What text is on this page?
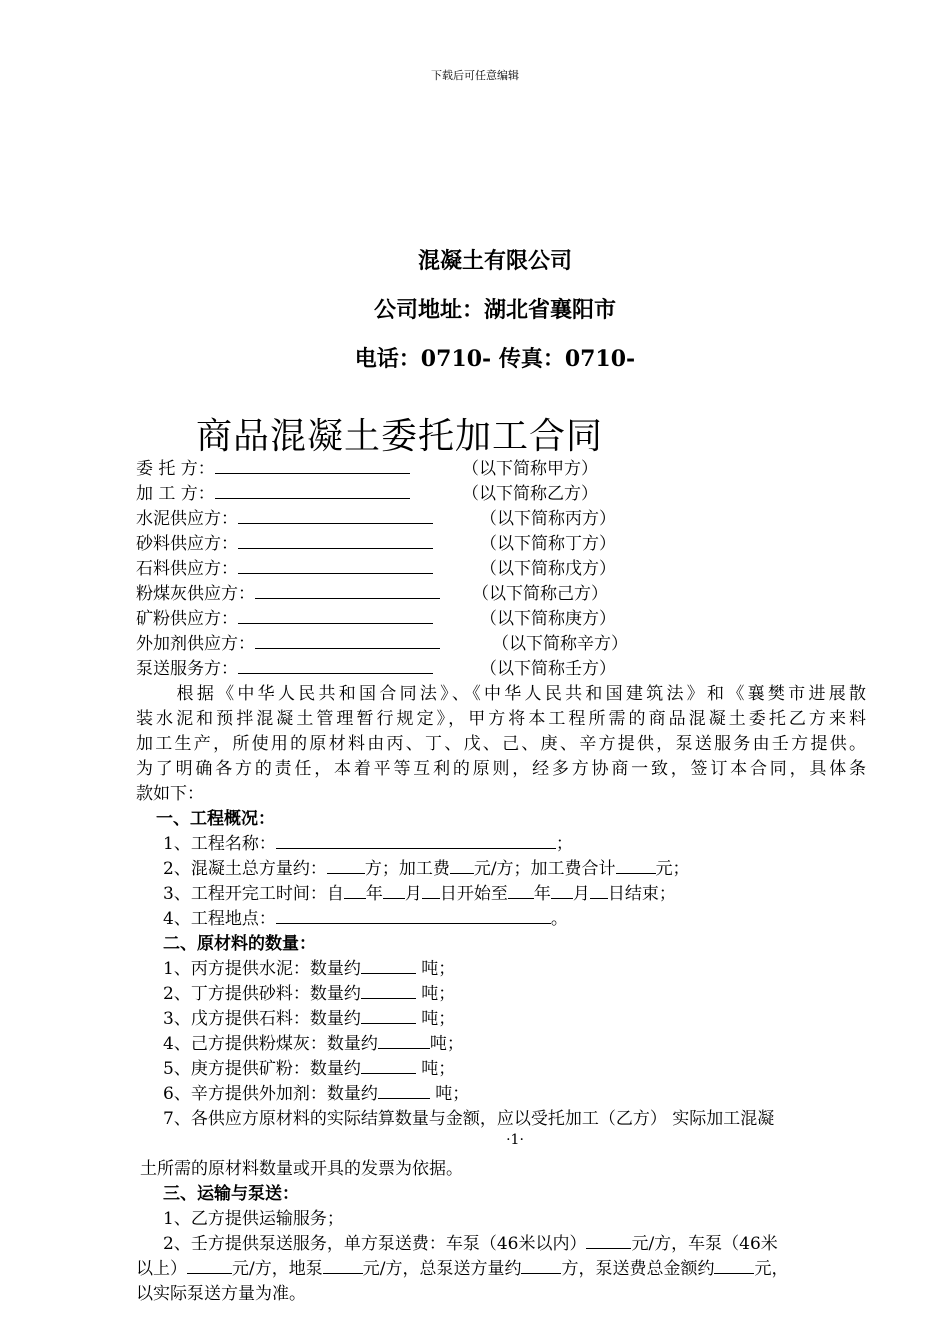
下载后可任意编辑
混凝土有限公司
公司地址：湖北省襄阳市
电话：0710- 传真：0710-
商品混凝土委托加工合同
委 托 方：	（以下简称甲方）
加 工 方：	（以下简称乙方）
水泥供应方：	（以下简称丙方）
砂料供应方：	（以下简称丁方）
石料供应方：	（以下简称戊方）
粉煤灰供应方：	（以下简称己方）
矿粉供应方：	（以下简称庚方）
外加剂供应方：	（以下简称辛方）
泵送服务方：	（以下简称壬方）

　　根据《中华人民共和国合同法》、《中华人民共和国建筑法》和《襄樊市进展散

装水泥和预拌混凝土管理暂行规定》，甲方将本工程所需的商品混凝土委托乙方来料

加工生产，所使用的原材料由丙、丁、戊、己、庚、辛方提供，泵送服务由壬方提供。

为了明确各方的责任，本着平等互利的原则，经多方协商一致，签订本合同，具体条

款如下：

一、工程概况：
1、工程名称：	；
2、混凝土总方量约： 方；加工费 元/方；加工费合计 元；
3、工程开完工时间：自 年 月 日开始至 年 月 日结束；
4、工程地点：	。
二、原材料的数量：
1、丙方提供水泥：数量约	吨；
2、丁方提供砂料：数量约	吨；
3、戊方提供石料：数量约	吨；
4、己方提供粉煤灰：数量约	吨；
5、庚方提供矿粉：数量约	吨；
6、辛方提供外加剂：数量约	吨；
7、各供应方原材料的实际结算数量与金额，应以受托加工（乙方） 实际加工混凝
·1·
土所需的原材料数量或开具的发票为依据。
三、运输与泵送：
1、乙方提供运输服务；
2、壬方提供泵送服务，单方泵送费：车泵（46米以内）	元/方，车泵（46米
以上）	元/方，地泵 元/方，总泵送方量约 方，泵送费总金额约 元，
以实际泵送方量为准。
